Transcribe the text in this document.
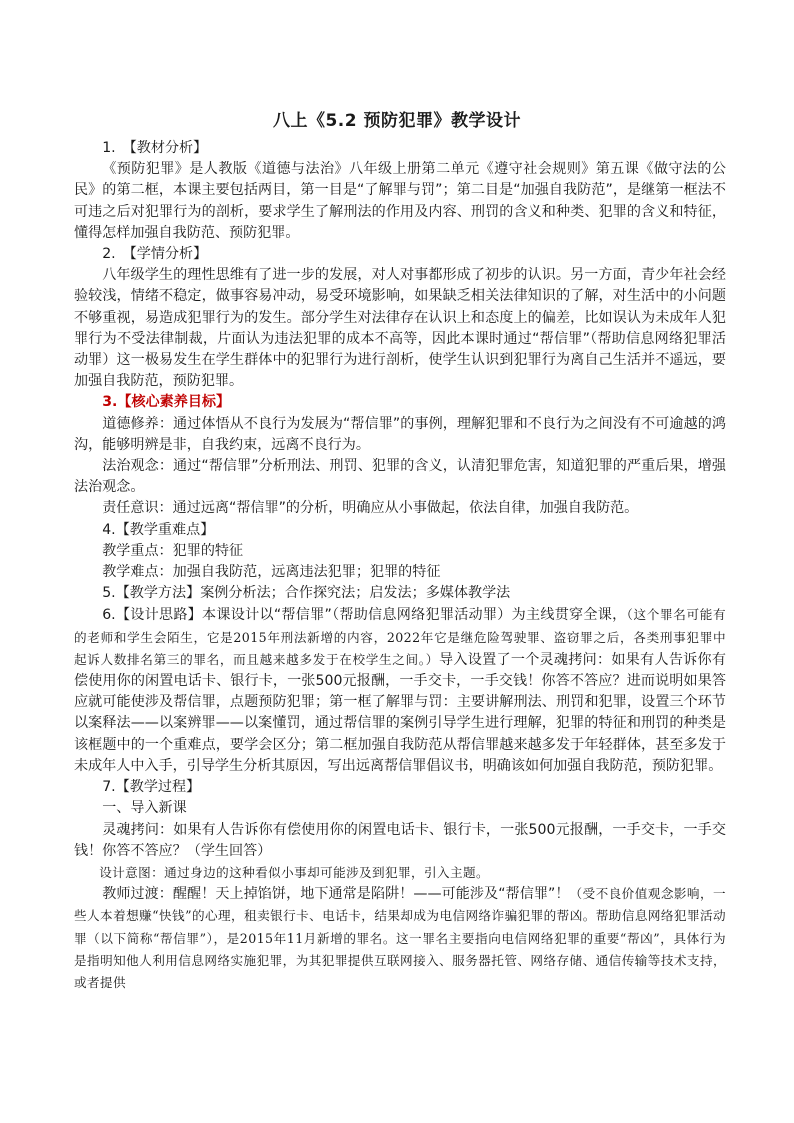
八上《5.2 预防犯罪》教学设计

1.　【教材分析】

《预防犯罪》是人教版《道德与法治》八年级上册第二单元《遵守社会规则》第五课《做守法的公民》的第二框，本课主要包括两目，第一目是“了解罪与罚”；第二目是“加强自我防范”，是继第一框法不可违之后对犯罪行为的剖析，要求学生了解刑法的作用及内容、刑罚的含义和种类、犯罪的含义和特征，懂得怎样加强自我防范、预防犯罪。

2.　【学情分析】

八年级学生的理性思维有了进一步的发展，对人对事都形成了初步的认识。另一方面，青少年社会经验较浅，情绪不稳定，做事容易冲动，易受环境影响，如果缺乏相关法律知识的了解，对生活中的小问题不够重视，易造成犯罪行为的发生。部分学生对法律存在认识上和态度上的偏差，比如误认为未成年人犯罪行为不受法律制裁，片面认为违法犯罪的成本不高等，因此本课时通过“帮信罪”（帮助信息网络犯罪活动罪）这一极易发生在学生群体中的犯罪行为进行剖析，使学生认识到犯罪行为离自己生活并不遥远，要加强自我防范，预防犯罪。

3.【核心素养目标】

道德修养：通过体悟从不良行为发展为“帮信罪”的事例，理解犯罪和不良行为之间没有不可逾越的鸿沟，能够明辨是非，自我约束，远离不良行为。

法治观念：通过“帮信罪”分析刑法、刑罚、犯罪的含义，认清犯罪危害，知道犯罪的严重后果，增强法治观念。

责任意识：通过远离“帮信罪”的分析，明确应从小事做起，依法自律，加强自我防范。

4.【教学重难点】

教学重点：犯罪的特征

教学难点：加强自我防范，远离违法犯罪；犯罪的特征

5.【教学方法】案例分析法；合作探究法；启发法；多媒体教学法

6.【设计思路】本课设计以“帮信罪”（帮助信息网络犯罪活动罪）为主线贯穿全课，（这个罪名可能有的老师和学生会陌生，它是2015年刑法新增的内容，2022年它是继危险驾驶罪、盗窃罪之后，各类刑事犯罪中起诉人数排名第三的罪名，而且越来越多发于在校学生之间。）导入设置了一个灵魂拷问：如果有人告诉你有偿使用你的闲置电话卡、银行卡，一张500元报酬，一手交卡，一手交钱！你答不答应？进而说明如果答应就可能使涉及帮信罪，点题预防犯罪；第一框了解罪与罚：主要讲解刑法、刑罚和犯罪，设置三个环节以案释法——以案辨罪——以案懂罚，通过帮信罪的案例引导学生进行理解，犯罪的特征和刑罚的种类是该框题中的一个重难点，要学会区分；第二框加强自我防范从帮信罪越来越多发于年轻群体，甚至多发于未成年人中入手，引导学生分析其原因，写出远离帮信罪倡议书，明确该如何加强自我防范，预防犯罪。

7.【教学过程】

一、导入新课

灵魂拷问：如果有人告诉你有偿使用你的闲置电话卡、银行卡，一张500元报酬，一手交卡，一手交钱！你答不答应？（学生回答）

设计意图：通过身边的这种看似小事却可能涉及到犯罪，引入主题。

教师过渡：醒醒！天上掉馅饼，地下通常是陷阱！——可能涉及“帮信罪”！（受不良价值观念影响，一些人本着想赚“快钱”的心理，租卖银行卡、电话卡，结果却成为电信网络诈骗犯罪的帮凶。帮助信息网络犯罪活动罪（以下简称“帮信罪”），是2015年11月新增的罪名。这一罪名主要指向电信网络犯罪的重要“帮凶”，具体行为是指明知他人利用信息网络实施犯罪，为其犯罪提供互联网接入、服务器托管、网络存储、通信传输等技术支持，或者提供
